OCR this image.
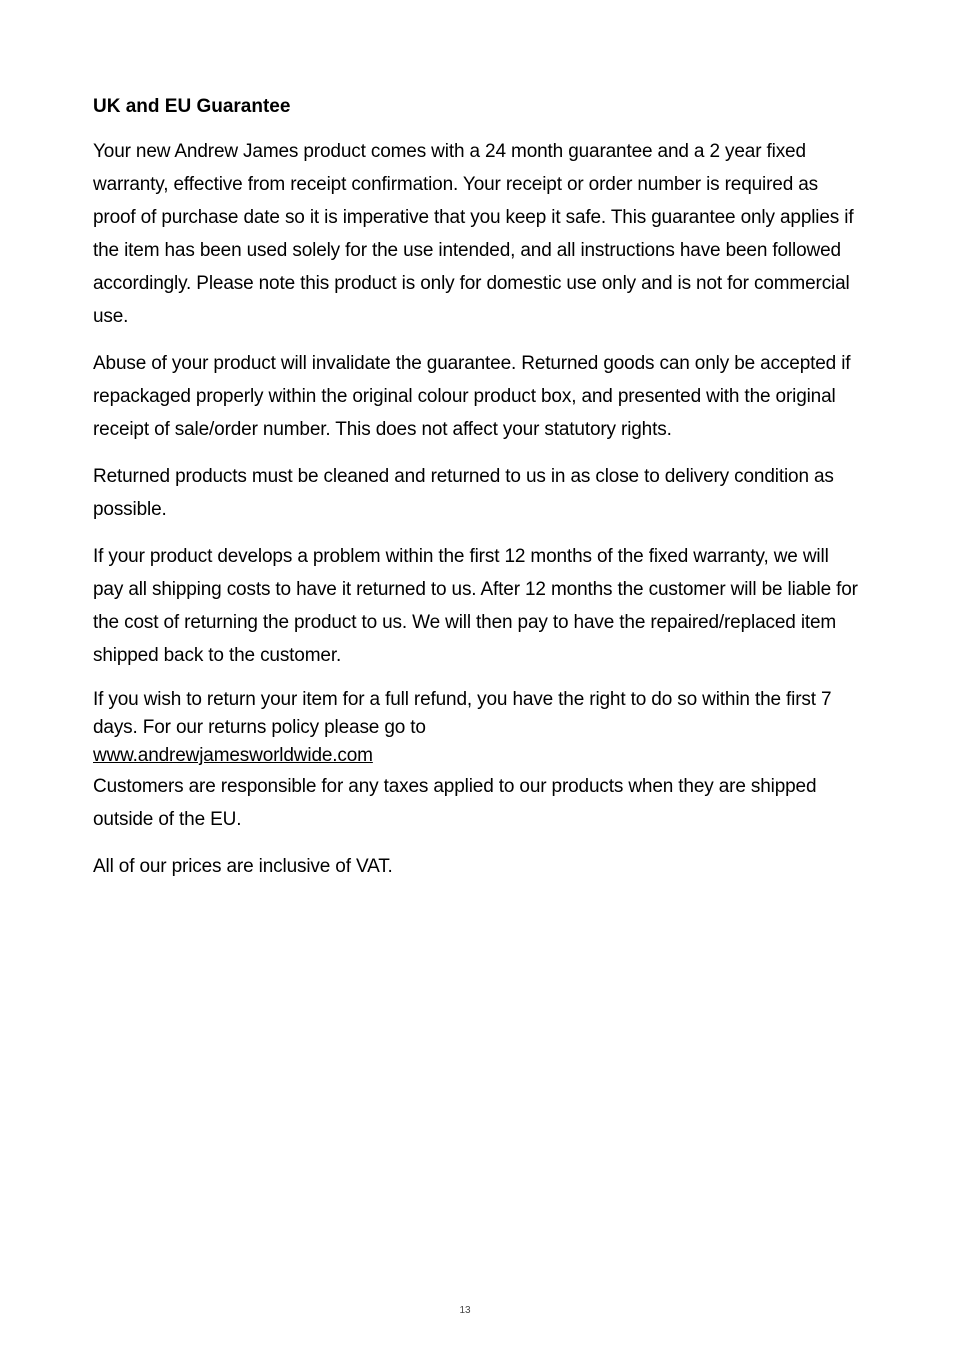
UK and EU Guarantee

Your new Andrew James product comes with a 24 month guarantee and a 2 year fixed warranty, effective from receipt confirmation. Your receipt or order number is required as proof of purchase date so it is imperative that you keep it safe. This guarantee only applies if the item has been used solely for the use intended, and all instructions have been followed accordingly. Please note this product is only for domestic use only and is not for commercial use.

Abuse of your product will invalidate the guarantee. Returned goods can only be accepted if repackaged properly within the original colour product box, and presented with the original receipt of sale/order number. This does not affect your statutory rights.

Returned products must be cleaned and returned to us in as close to delivery condition as possible.

If your product develops a problem within the first 12 months of the fixed warranty, we will pay all shipping costs to have it returned to us. After 12 months the customer will be liable for the cost of returning the product to us. We will then pay to have the repaired/replaced item shipped back to the customer.

If you wish to return your item for a full refund, you have the right to do so within the first 7 days. For our returns policy please go to
www.andrewjamesworldwide.com

Customers are responsible for any taxes applied to our products when they are shipped outside of the EU.

All of our prices are inclusive of VAT.

13
